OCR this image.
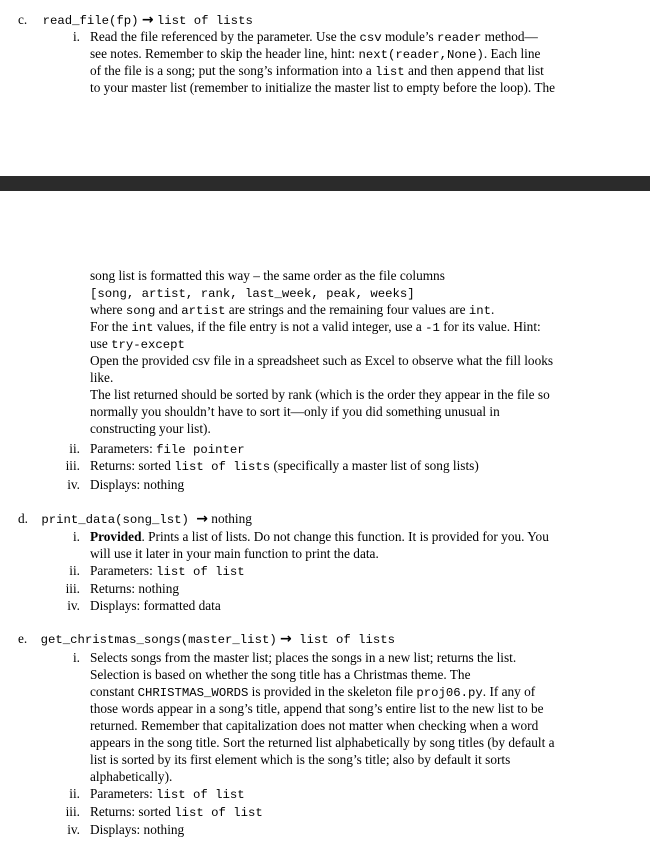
c. read_file(fp) → list of lists
i.
ii.
iii.
iv. Displays: nothing
d. print_data(song_lst) → nothing
i. Provided. Prints a list of lists. Do not change this function. It is provided for you. You
will use it later in your main function to print the data.
ii.
iii. Returns: nothing
iv. Displays: formatted data
e. get_christmas_songs(master_list) → list of lists
i.
ii.
iii.
iv. Displays: nothing
Read the file referenced by the parameter. Use the csv module’s reader method—
see notes. Remember to skip the header line, hint: next(reader,None). Each line
of the file is a song; put the song’s information into a list and then append that list
to your master list (remember to initialize the master list to empty before the loop). The
song list is formatted this way – the same order as the file columns
[song, artist, rank, last_week, peak, weeks]
where song and artist are strings and the remaining four values are int.
For the int values, if the file entry is not a valid integer, use a -1 for its value. Hint:
use try-except
Open the provided csv file in a spreadsheet such as Excel to observe what the fill looks
like.
The list returned should be sorted by rank (which is the order they appear in the file so
normally you shouldn’t have to sort it—only if you did something unusual in
constructing your list).
Parameters: file pointer
Returns: sorted list of lists (specifically a master list of song lists)
Parameters: list of list
Selects songs from the master list; places the songs in a new list; returns the list.
Selection is based on whether the song title has a Christmas theme. The
constant CHRISTMAS_WORDS is provided in the skeleton file proj06.py. If any of
those words appear in a song’s title, append that song’s entire list to the new list to be
returned. Remember that capitalization does not matter when checking when a word
appears in the song title. Sort the returned list alphabetically by song titles (by default a
list is sorted by its first element which is the song’s title; also by default it sorts
alphabetically).
Parameters: list of list
Returns: sorted list of list
